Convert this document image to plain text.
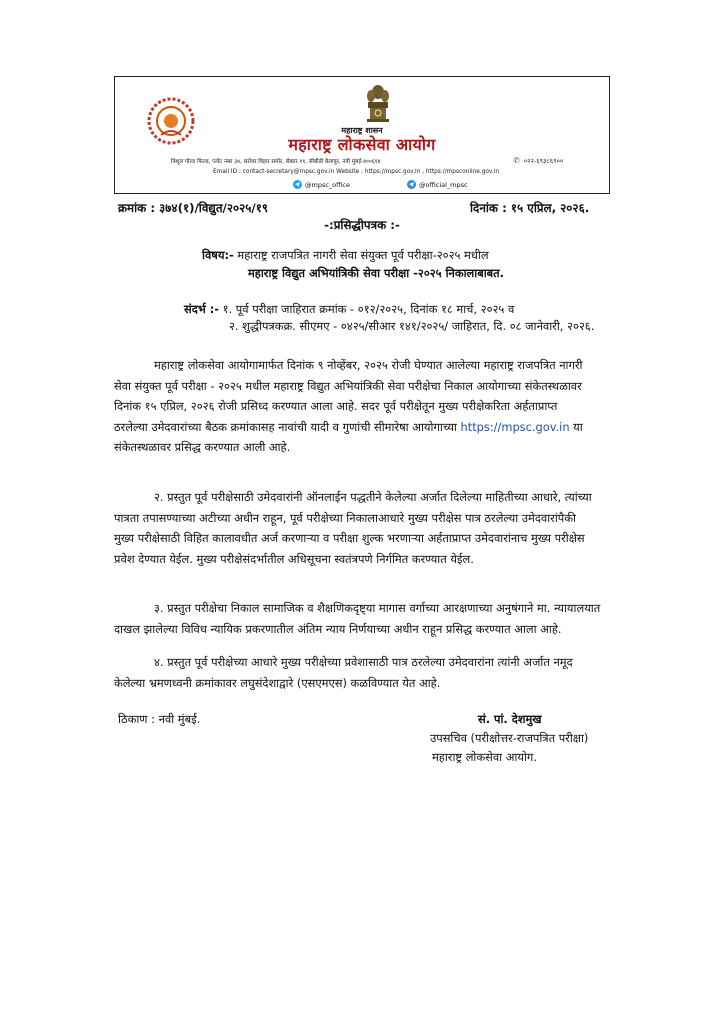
महाराष्ट्र शासन
महाराष्ट्र लोकसेवा आयोग
त्रिशूल गोल्ड फिल्ड, प्लॉट नंबर ३४, सरोवर विहार समोर, सेक्टर ११, सीबीडी बेलापूर, नवी मुंबई-४००६१४	✆ ०२२-६९३८६९००
Email ID : contact-secretary@mpsc.gov.in Website : https://mpsc.gov.in , https://mpsconline.gov.in
@mpsc_office	@official_mpsc
क्रमांक : ३७४(१)/विद्युत/२०२५/१९	दिनांक : १५ एप्रिल, २०२६.
-:प्रसिद्धीपत्रक :-
विषय:- महाराष्ट्र राजपत्रित नागरी सेवा संयुक्त पूर्व परीक्षा-२०२५ मधील
महाराष्ट्र विद्युत अभियांत्रिकी सेवा परीक्षा -२०२५ निकालाबाबत.
संदर्भ :- १. पूर्व परीक्षा जाहिरात क्रमांक - ०१२/२०२५, दिनांक १८ मार्च, २०२५ व
२. शुद्धीपत्रकक्र. सीएमए - ०४२५/सीआर १४१/२०२५/ जाहिरात, दि. ०८ जानेवारी, २०२६.
महाराष्ट्र लोकसेवा आयोगामार्फत दिनांक ९ नोव्हेंबर, २०२५ रोजी घेण्यात आलेल्या महाराष्ट्र राजपत्रित नागरी
सेवा संयुक्त पूर्व परीक्षा - २०२५ मधील महाराष्ट्र विद्युत अभियांत्रिकी सेवा परीक्षेचा निकाल आयोगाच्या संकेतस्थळावर
दिनांक १५ एप्रिल, २०२६ रोजी प्रसिध्द करण्यात आला आहे. सदर पूर्व परीक्षेतून मुख्य परीक्षेकरिता अर्हताप्राप्त
ठरलेल्या उमेदवारांच्या बैठक क्रमांकासह नावांची यादी व गुणांची सीमारेषा आयोगाच्या https://mpsc.gov.in या
संकेतस्थळावर प्रसिद्ध करण्यात आली आहे.
२. प्रस्तुत पूर्व परीक्षेसाठी उमेदवारांनी ऑनलाईन पद्धतीने केलेल्या अर्जात दिलेल्या माहितीच्या आधारे, त्यांच्या
पात्रता तपासण्याच्या अटीच्या अधीन राहून, पूर्व परीक्षेच्या निकालाआधारे मुख्य परीक्षेस पात्र ठरलेल्या उमेदवारांपैकी
मुख्य परीक्षेसाठी विहित कालावधीत अर्ज करणाऱ्या व परीक्षा शुल्क भरणाऱ्या अर्हताप्राप्त उमेदवारांनाच मुख्य परीक्षेस
प्रवेश देण्यात येईल. मुख्य परीक्षेसंदर्भातील अधिसूचना स्वतंत्रपणे निर्गमित करण्यात येईल.
३. प्रस्तुत परीक्षेचा निकाल सामाजिक व शैक्षणिकदृष्ट्या मागास वर्गाच्या आरक्षणाच्या अनुषंगाने मा. न्यायालयात
दाखल झालेल्या विविध न्यायिक प्रकरणातील अंतिम न्याय निर्णयाच्या अधीन राहून प्रसिद्ध करण्यात आला आहे.
४. प्रस्तुत पूर्व परीक्षेच्या आधारे मुख्य परीक्षेच्या प्रवेशासाठी पात्र ठरलेल्या उमेदवारांना त्यांनी अर्जात नमूद
केलेल्या भ्रमणध्वनी क्रमांकावर लघुसंदेशाद्वारे (एसएमएस) कळविण्यात येत आहे.
ठिकाण : नवी मुंबई.	सं. पां. देशमुख
उपसचिव (परीक्षोत्तर-राजपत्रित परीक्षा)
महाराष्ट्र लोकसेवा आयोग.
